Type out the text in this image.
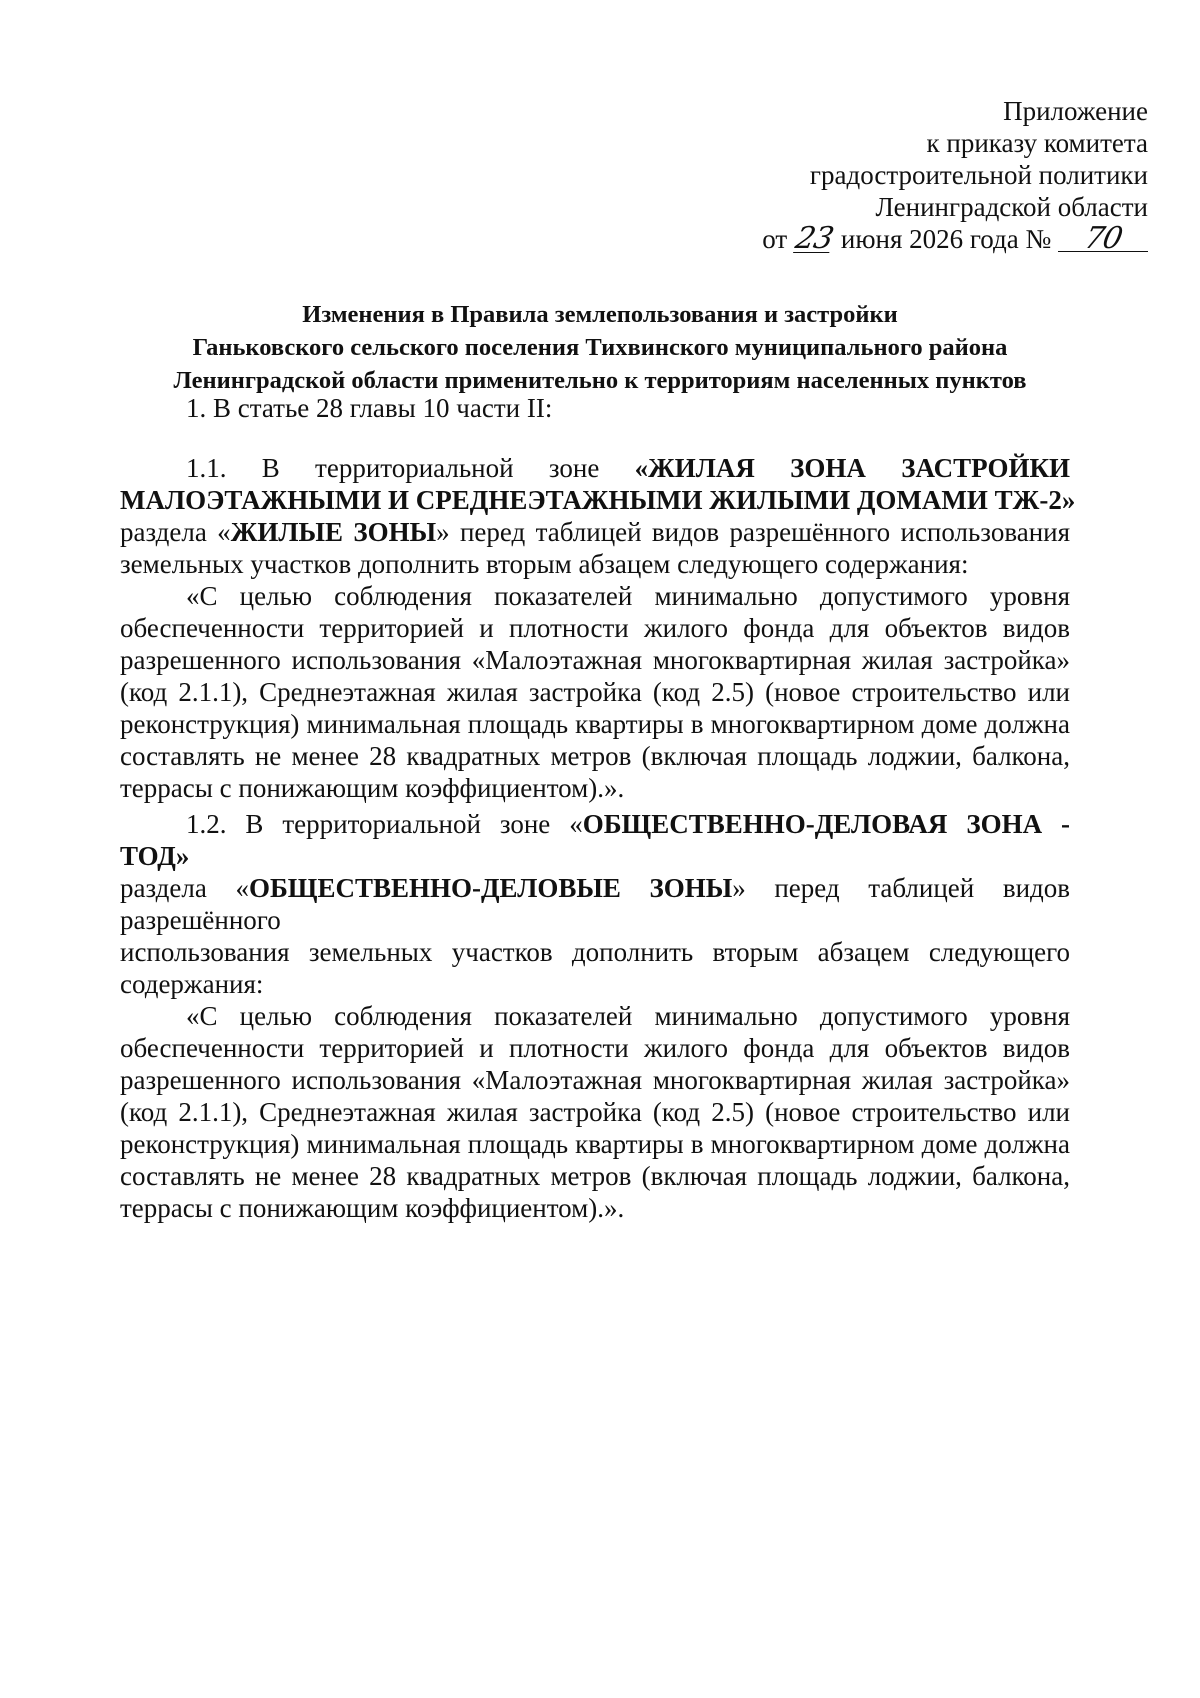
Приложение
к приказу комитета
градостроительной политики
Ленинградской области
от 23 июня 2026 года № 70
Изменения в Правила землепользования и застройки
Ганьковского сельского поселения Тихвинского муниципального района
Ленинградской области применительно к территориям населенных пунктов
1. В статье 28 главы 10 части II:
1.1. В территориальной зоне «ЖИЛАЯ ЗОНА ЗАСТРОЙКИ
МАЛОЭТАЖНЫМИ И СРЕДНЕЭТАЖНЫМИ ЖИЛЫМИ ДОМАМИ ТЖ-2»
раздела «ЖИЛЫЕ ЗОНЫ» перед таблицей видов разрешённого использования
земельных участков дополнить вторым абзацем следующего содержания:
«С целью соблюдения показателей минимально допустимого уровня обеспеченности территорией и плотности жилого фонда для объектов видов разрешенного использования «Малоэтажная многоквартирная жилая застройка» (код 2.1.1), Среднеэтажная жилая застройка (код 2.5) (новое строительство или реконструкция) минимальная площадь квартиры в многоквартирном доме должна составлять не менее 28 квадратных метров (включая площадь лоджии, балкона, террасы с понижающим коэффициентом).».
1.2. В территориальной зоне «ОБЩЕСТВЕННО-ДЕЛОВАЯ ЗОНА - ТОД»
раздела «ОБЩЕСТВЕННО-ДЕЛОВЫЕ ЗОНЫ» перед таблицей видов разрешённого
использования земельных участков дополнить вторым абзацем следующего
содержания:
«С целью соблюдения показателей минимально допустимого уровня обеспеченности территорией и плотности жилого фонда для объектов видов разрешенного использования «Малоэтажная многоквартирная жилая застройка» (код 2.1.1), Среднеэтажная жилая застройка (код 2.5) (новое строительство или реконструкция) минимальная площадь квартиры в многоквартирном доме должна составлять не менее 28 квадратных метров (включая площадь лоджии, балкона, террасы с понижающим коэффициентом).».
